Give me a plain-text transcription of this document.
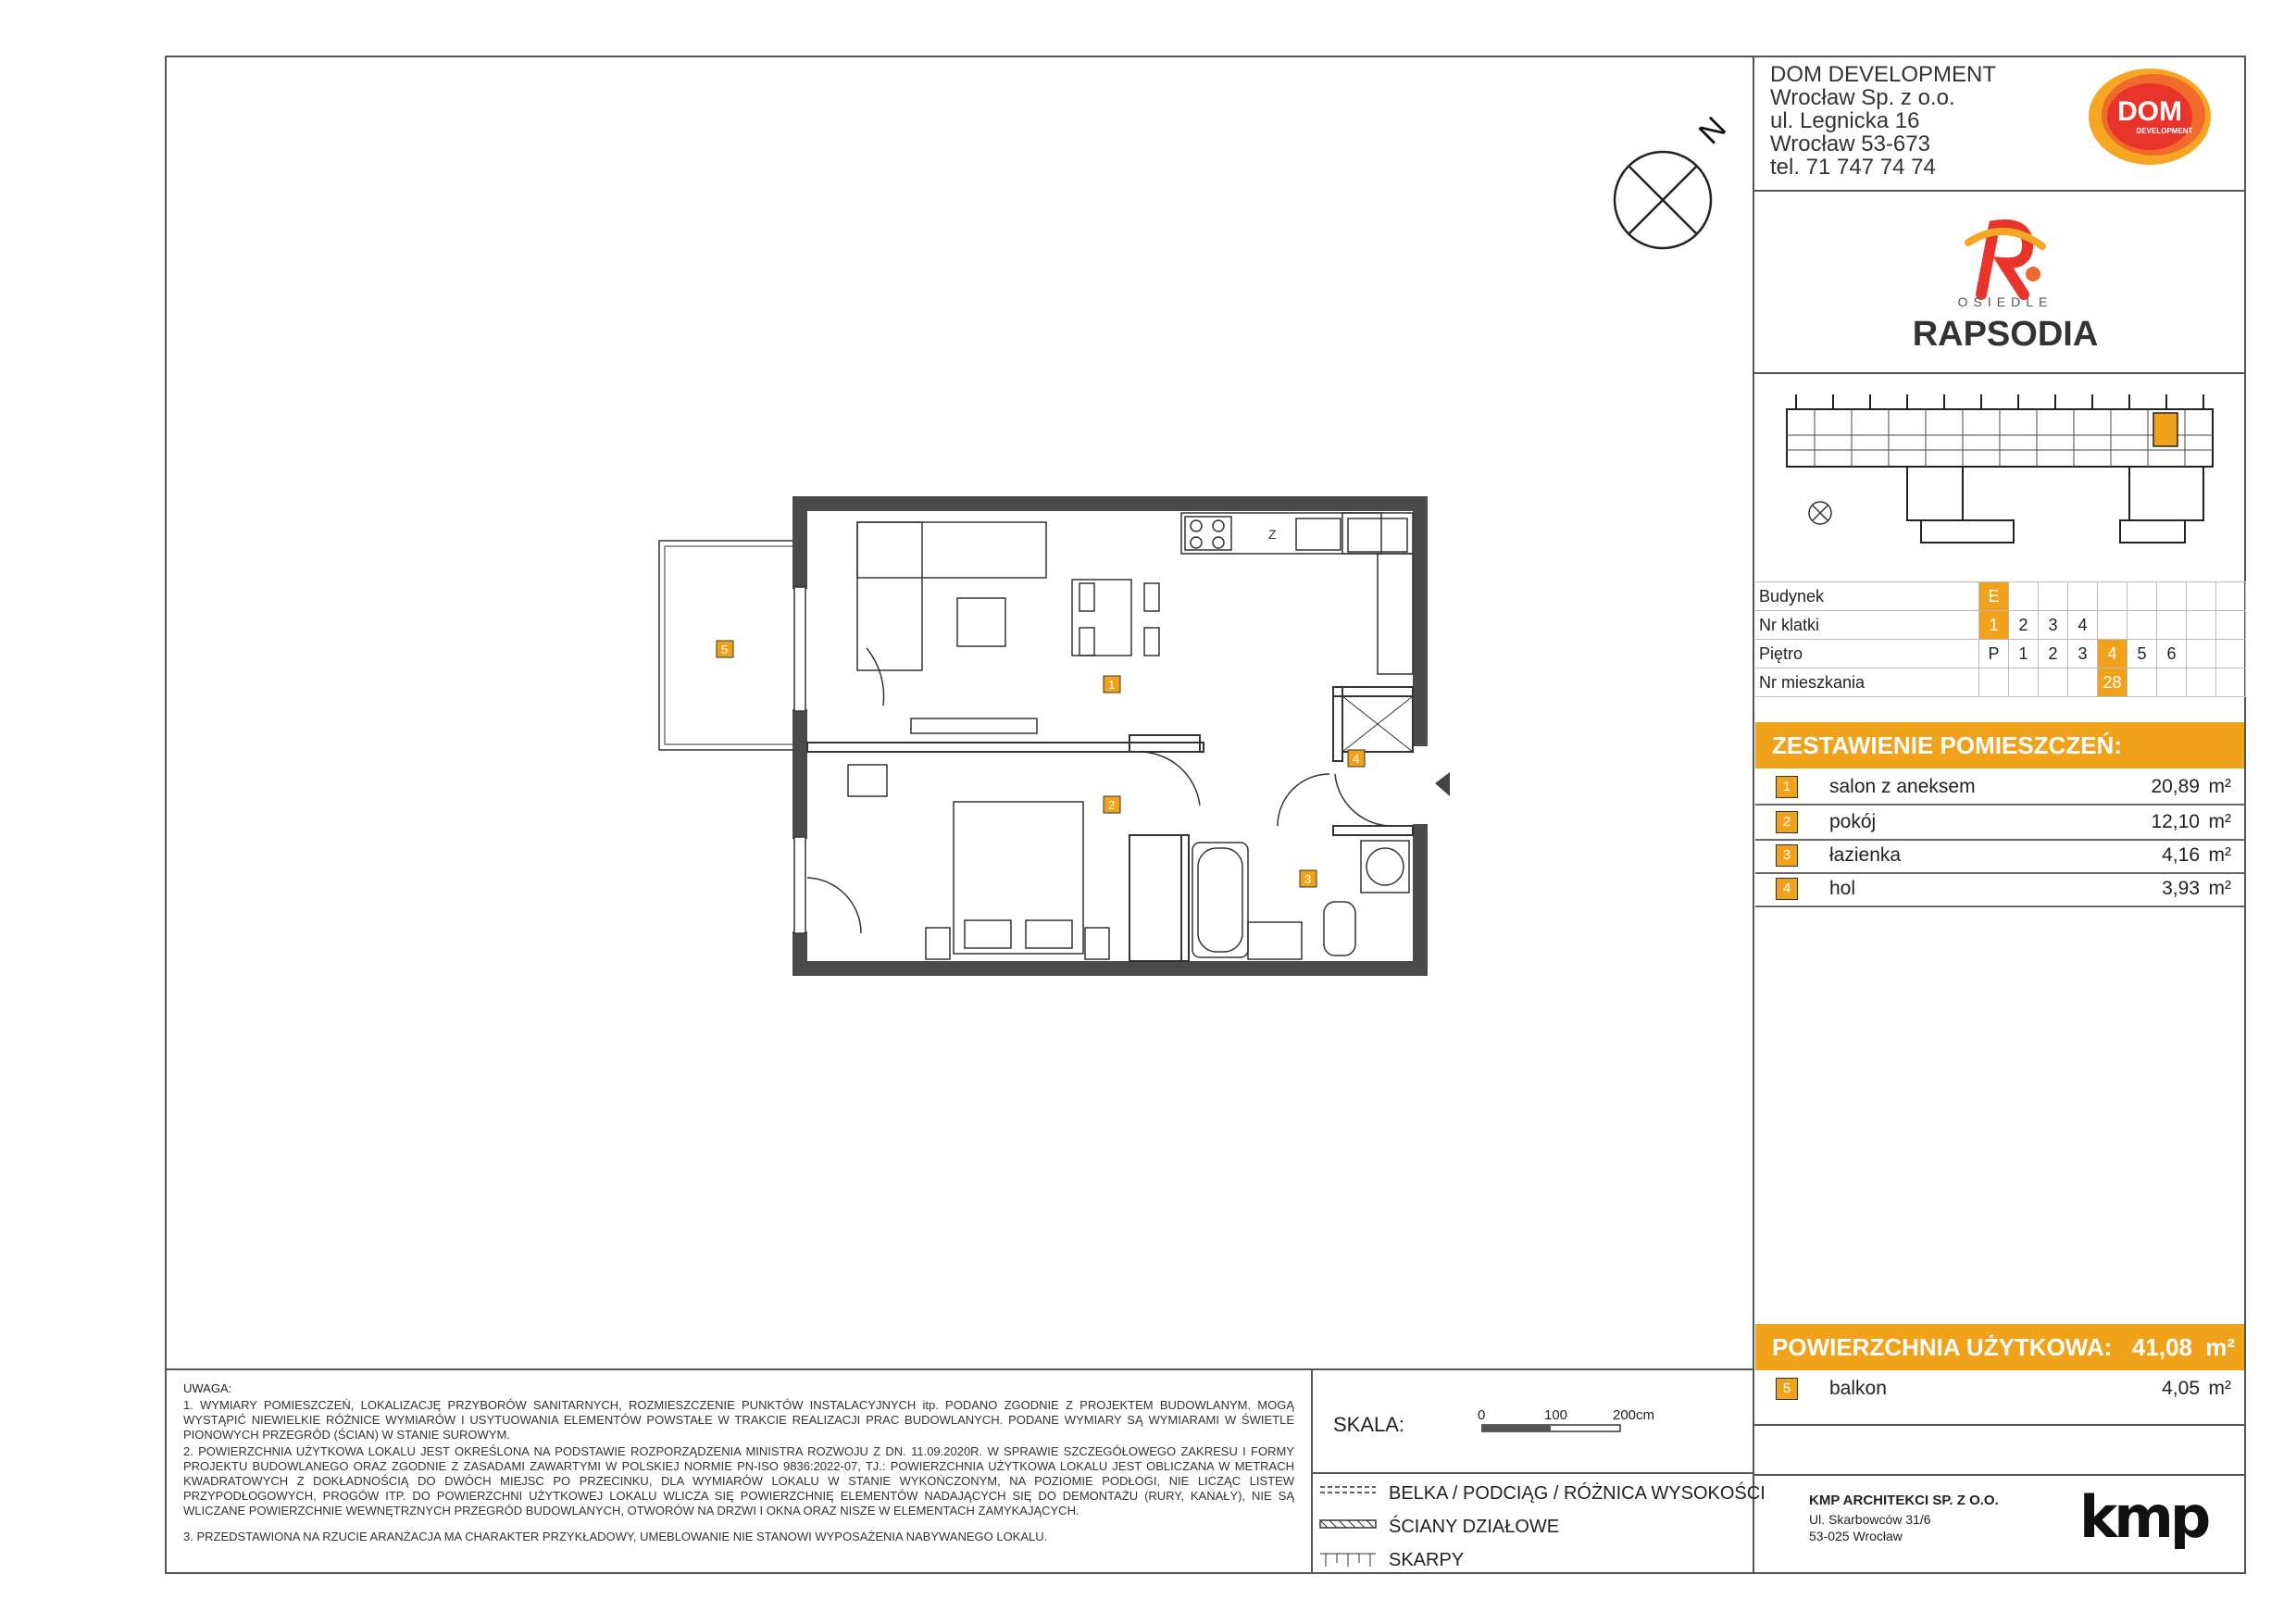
DOM DEVELOPMENT
Wrocław Sp. z o.o.
ul. Legnicka 16
Wrocław 53-673
tel. 71 747 74 74
DOM
DEVELOPMENT
OSIEDLE
RAPSODIA
Budynek	E								
Nr klatki	1	2	3	4					
Piętro	P	1	2	3	4	5	6		
Nr mieszkania					28				
ZESTAWIENIE POMIESZCZEŃ:
1	salon z aneksem	20,89 m²
2	pokój	12,10 m²
3	łazienka	4,16 m²
4	hol	3,93 m²
POWIERZCHNIA UŻYTKOWA: 41,08 m²
5	balkon	4,05 m²
KMP ARCHITEKCI SP. Z O.O.
Ul. Skarbowców 31/6
53-025 Wrocław	kmp
N
Z
1
2
3
4
5
UWAGA:
1. WYMIARY POMIESZCZEŃ, LOKALIZACJĘ PRZYBORÓW SANITARNYCH, ROZMIESZCZENIE PUNKTÓW INSTALACYJNYCH itp. PODANO ZGODNIE Z PROJEKTEM BUDOWLANYM. MOGĄ WYSTĄPIĆ NIEWIELKIE RÓŻNICE WYMIARÓW I USYTUOWANIA ELEMENTÓW POWSTAŁE W TRAKCIE REALIZACJI PRAC BUDOWLANYCH. PODANE WYMIARY SĄ WYMIARAMI W ŚWIETLE PIONOWYCH PRZEGRÓD (ŚCIAN) W STANIE SUROWYM.
2. POWIERZCHNIA UŻYTKOWA LOKALU JEST OKREŚLONA NA PODSTAWIE ROZPORZĄDZENIA MINISTRA ROZWOJU Z DN. 11.09.2020R. W SPRAWIE SZCZEGÓŁOWEGO ZAKRESU I FORMY PROJEKTU BUDOWLANEGO ORAZ ZGODNIE Z ZASADAMI ZAWARTYMI W POLSKIEJ NORMIE PN-ISO 9836:2022-07, TJ.: POWIERZCHNIA UŻYTKOWA LOKALU JEST OBLICZANA W METRACH KWADRATOWYCH Z DOKŁADNOŚCIĄ DO DWÓCH MIEJSC PO PRZECINKU, DLA WYMIARÓW LOKALU W STANIE WYKOŃCZONYM, NA POZIOMIE PODŁOGI, NIE LICZĄC LISTEW PRZYPODŁOGOWYCH, PROGÓW ITP. DO POWIERZCHNI UŻYTKOWEJ LOKALU WLICZA SIĘ POWIERZCHNIĘ ELEMENTÓW NADAJĄCYCH SIĘ DO DEMONTAŻU (RURY, KANAŁY), NIE SĄ WLICZANE POWIERZCHNIE WEWNĘTRZNYCH PRZEGRÓD BUDOWLANYCH, OTWORÓW NA DRZWI I OKNA ORAZ NISZE W ELEMENTACH ZAMYKAJĄCYCH.
3. PRZEDSTAWIONA NA RZUCIE ARANŻACJA MA CHARAKTER PRZYKŁADOWY, UMEBLOWANIE NIE STANOWI WYPOSAŻENIA NABYWANEGO LOKALU.
SKALA:	0	100	200cm
BELKA / PODCIĄG / RÓŻNICA WYSOKOŚCI
ŚCIANY DZIAŁOWE
SKARPY
